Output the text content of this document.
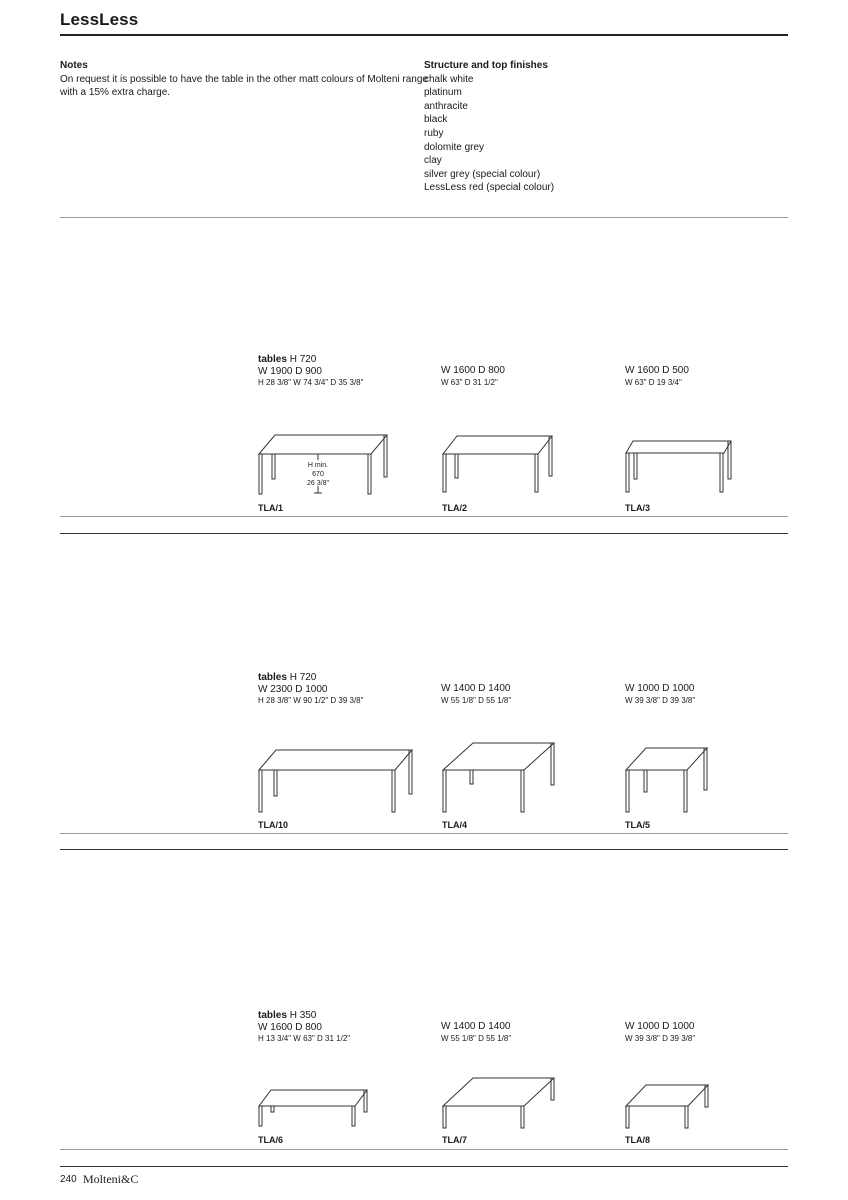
LessLess
Notes
On request it is possible to have the table in the other matt colours of Molteni range
with a 15% extra charge.
Structure and top finishes
chalk white
platinum
anthracite
black
ruby
dolomite grey
clay
silver grey (special colour)
LessLess red (special colour)
tables H 720
W 1900 D 900
H 28 3/8" W 74 3/4" D 35 3/8"
W 1600 D 800
W 63" D 31 1/2"
W 1600 D 500
W 63" D 19 3/4"
H min.
670
26 3/8"
TLA/1	TLA/2	TLA/3
tables H 720
W 2300 D 1000
H 28 3/8" W 90 1/2" D 39 3/8"
W 1400 D 1400
W 55 1/8" D 55 1/8"
W 1000 D 1000
W 39 3/8" D 39 3/8"
TLA/10	TLA/4	TLA/5
tables H 350
W 1600 D 800
H 13 3/4" W 63" D 31 1/2"
W 1400 D 1400
W 55 1/8" D 55 1/8"
W 1000 D 1000
W 39 3/8" D 39 3/8"
TLA/6	TLA/7	TLA/8
240 Molteni&C
